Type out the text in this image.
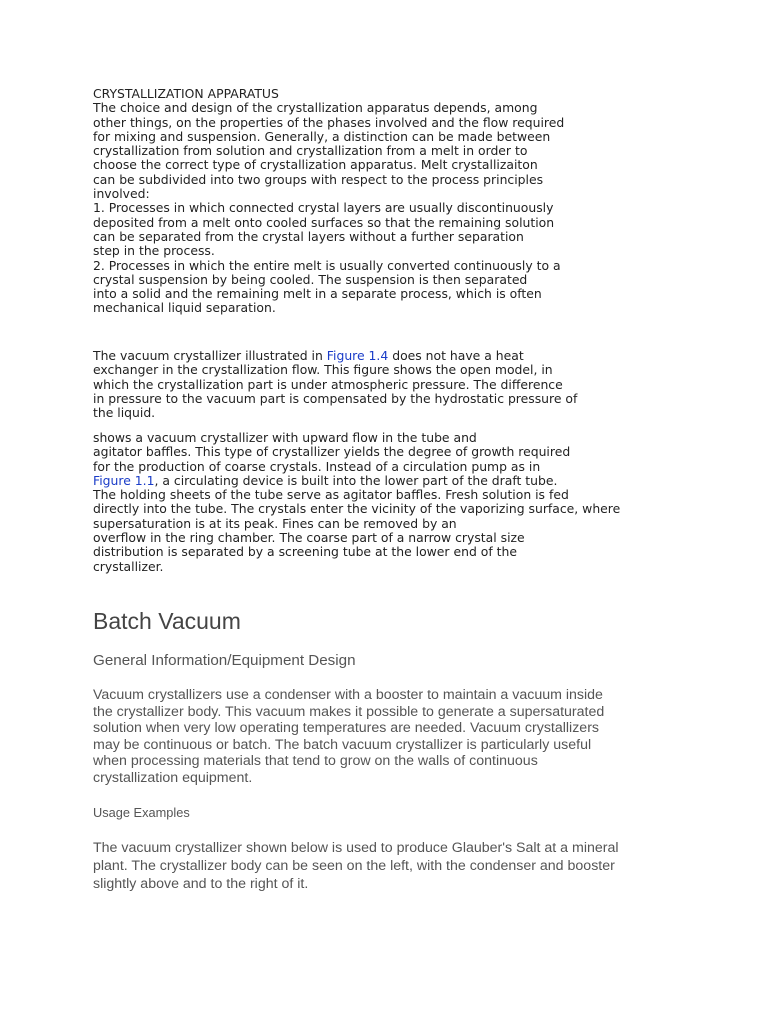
CRYSTALLIZATION APPARATUS
The choice and design of the crystallization apparatus depends, among
other things, on the properties of the phases involved and the flow required
for mixing and suspension. Generally, a distinction can be made between
crystallization from solution and crystallization from a melt in order to
choose the correct type of crystallization apparatus. Melt crystallizaiton
can be subdivided into two groups with respect to the process principles
involved:
1. Processes in which connected crystal layers are usually discontinuously
deposited from a melt onto cooled surfaces so that the remaining solution
can be separated from the crystal layers without a further separation
step in the process.
2. Processes in which the entire melt is usually converted continuously to a
crystal suspension by being cooled. The suspension is then separated
into a solid and the remaining melt in a separate process, which is often
mechanical liquid separation.
The vacuum crystallizer illustrated in Figure 1.4 does not have a heat
exchanger in the crystallization flow. This figure shows the open model, in
which the crystallization part is under atmospheric pressure. The difference
in pressure to the vacuum part is compensated by the hydrostatic pressure of
the liquid.
shows a vacuum crystallizer with upward flow in the tube and
agitator baffles. This type of crystallizer yields the degree of growth required
for the production of coarse crystals. Instead of a circulation pump as in
Figure 1.1, a circulating device is built into the lower part of the draft tube.
The holding sheets of the tube serve as agitator baffles. Fresh solution is fed
directly into the tube. The crystals enter the vicinity of the vaporizing surface, where
supersaturation is at its peak. Fines can be removed by an
overflow in the ring chamber. The coarse part of a narrow crystal size
distribution is separated by a screening tube at the lower end of the
crystallizer.
Batch Vacuum
General Information/Equipment Design
Vacuum crystallizers use a condenser with a booster to maintain a vacuum inside
the crystallizer body. This vacuum makes it possible to generate a supersaturated
solution when very low operating temperatures are needed. Vacuum crystallizers
may be continuous or batch. The batch vacuum crystallizer is particularly useful
when processing materials that tend to grow on the walls of continuous
crystallization equipment.
Usage Examples
The vacuum crystallizer shown below is used to produce Glauber's Salt at a mineral
plant. The crystallizer body can be seen on the left, with the condenser and booster
slightly above and to the right of it.
